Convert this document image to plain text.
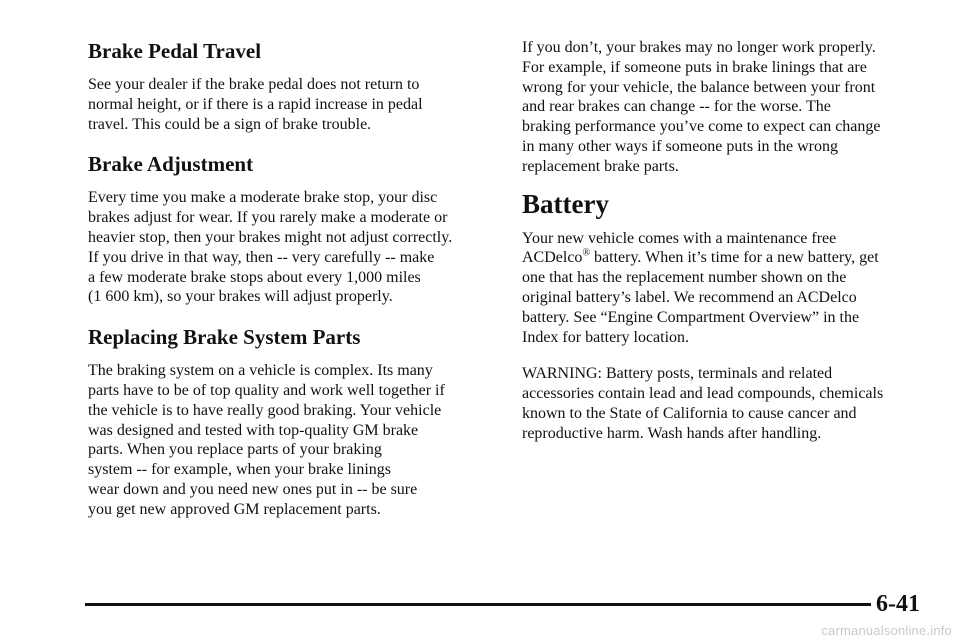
Brake Pedal Travel

See your dealer if the brake pedal does not return to
normal height, or if there is a rapid increase in pedal
travel. This could be a sign of brake trouble.

Brake Adjustment

Every time you make a moderate brake stop, your disc
brakes adjust for wear. If you rarely make a moderate or
heavier stop, then your brakes might not adjust correctly.
If you drive in that way, then -- very carefully -- make
a few moderate brake stops about every 1,000 miles
(1 600 km), so your brakes will adjust properly.

Replacing Brake System Parts

The braking system on a vehicle is complex. Its many
parts have to be of top quality and work well together if
the vehicle is to have really good braking. Your vehicle
was designed and tested with top-quality GM brake
parts. When you replace parts of your braking
system -- for example, when your brake linings
wear down and you need new ones put in -- be sure
you get new approved GM replacement parts.

If you don’t, your brakes may no longer work properly.
For example, if someone puts in brake linings that are
wrong for your vehicle, the balance between your front
and rear brakes can change -- for the worse. The
braking performance you’ve come to expect can change
in many other ways if someone puts in the wrong
replacement brake parts.

Battery

Your new vehicle comes with a maintenance free
ACDelco® battery. When it’s time for a new battery, get
one that has the replacement number shown on the
original battery’s label. We recommend an ACDelco
battery. See “Engine Compartment Overview” in the
Index for battery location.

WARNING: Battery posts, terminals and related
accessories contain lead and lead compounds, chemicals
known to the State of California to cause cancer and
reproductive harm. Wash hands after handling.

6-41
carmanualsonline.info
